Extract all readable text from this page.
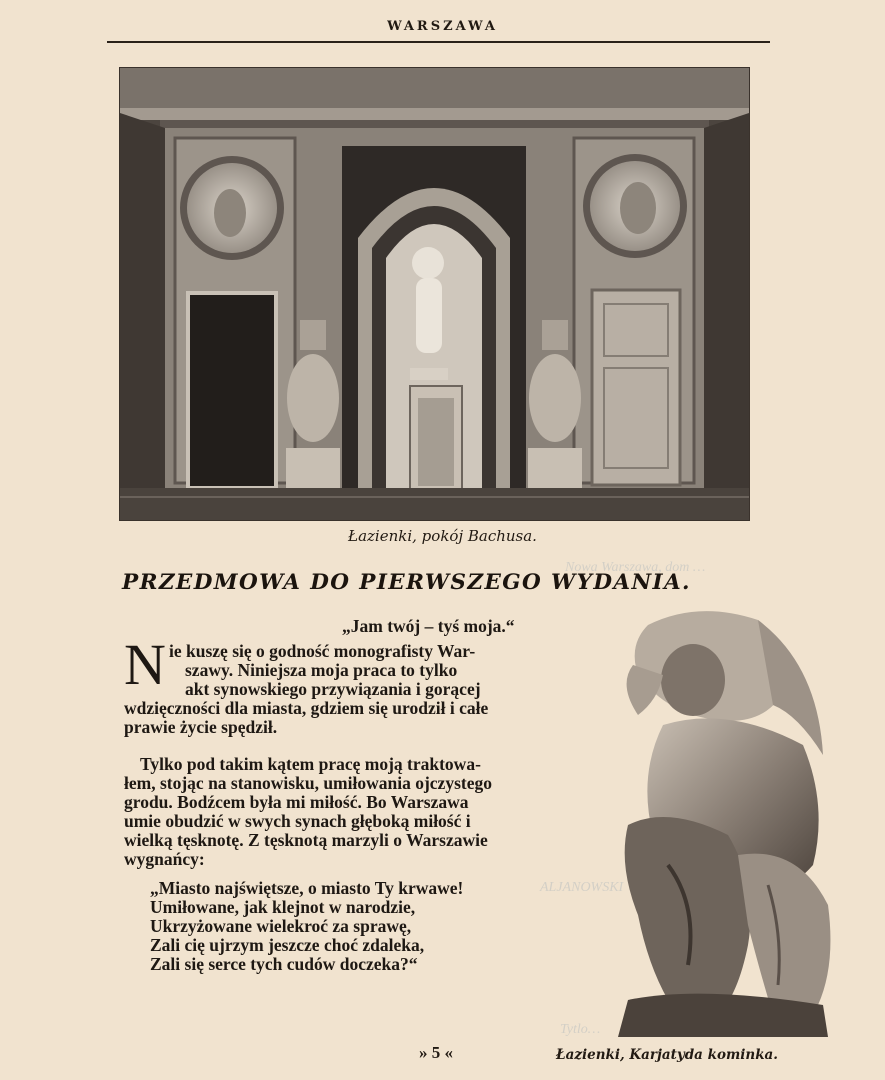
Nowa Warszawa, dom …
ALJANOWSKI
Tytlo…
WARSZAWA
Łazienki, pokój Bachusa.
PRZEDMOWA DO PIERWSZEGO WYDANIA.
„Jam twój – tyś moja.“
N ie kuszę się o godność monografisty War-
szawy. Niniejsza moja praca to tylko
akt synowskiego przywiązania i gorącej
wdzięczności dla miasta, gdziem się urodził i całe
prawie życie spędził.
Tylko pod takim kątem pracę moją traktowa-
łem, stojąc na stanowisku, umiłowania ojczystego
grodu. Bodźcem była mi miłość. Bo Warszawa
umie obudzić w swych synach głęboką miłość i
wielką tęsknotę. Z tęsknotą marzyli o Warszawie
wygnańcy:
„Miasto najświętsze, o miasto Ty krwawe!
Umiłowane, jak klejnot w narodzie,
Ukrzyżowane wielekroć za sprawę,
Zali cię ujrzym jeszcze choć zdaleka,
Zali się serce tych cudów doczeka?“
» 5 «	Łazienki, Karjatyda kominka.
